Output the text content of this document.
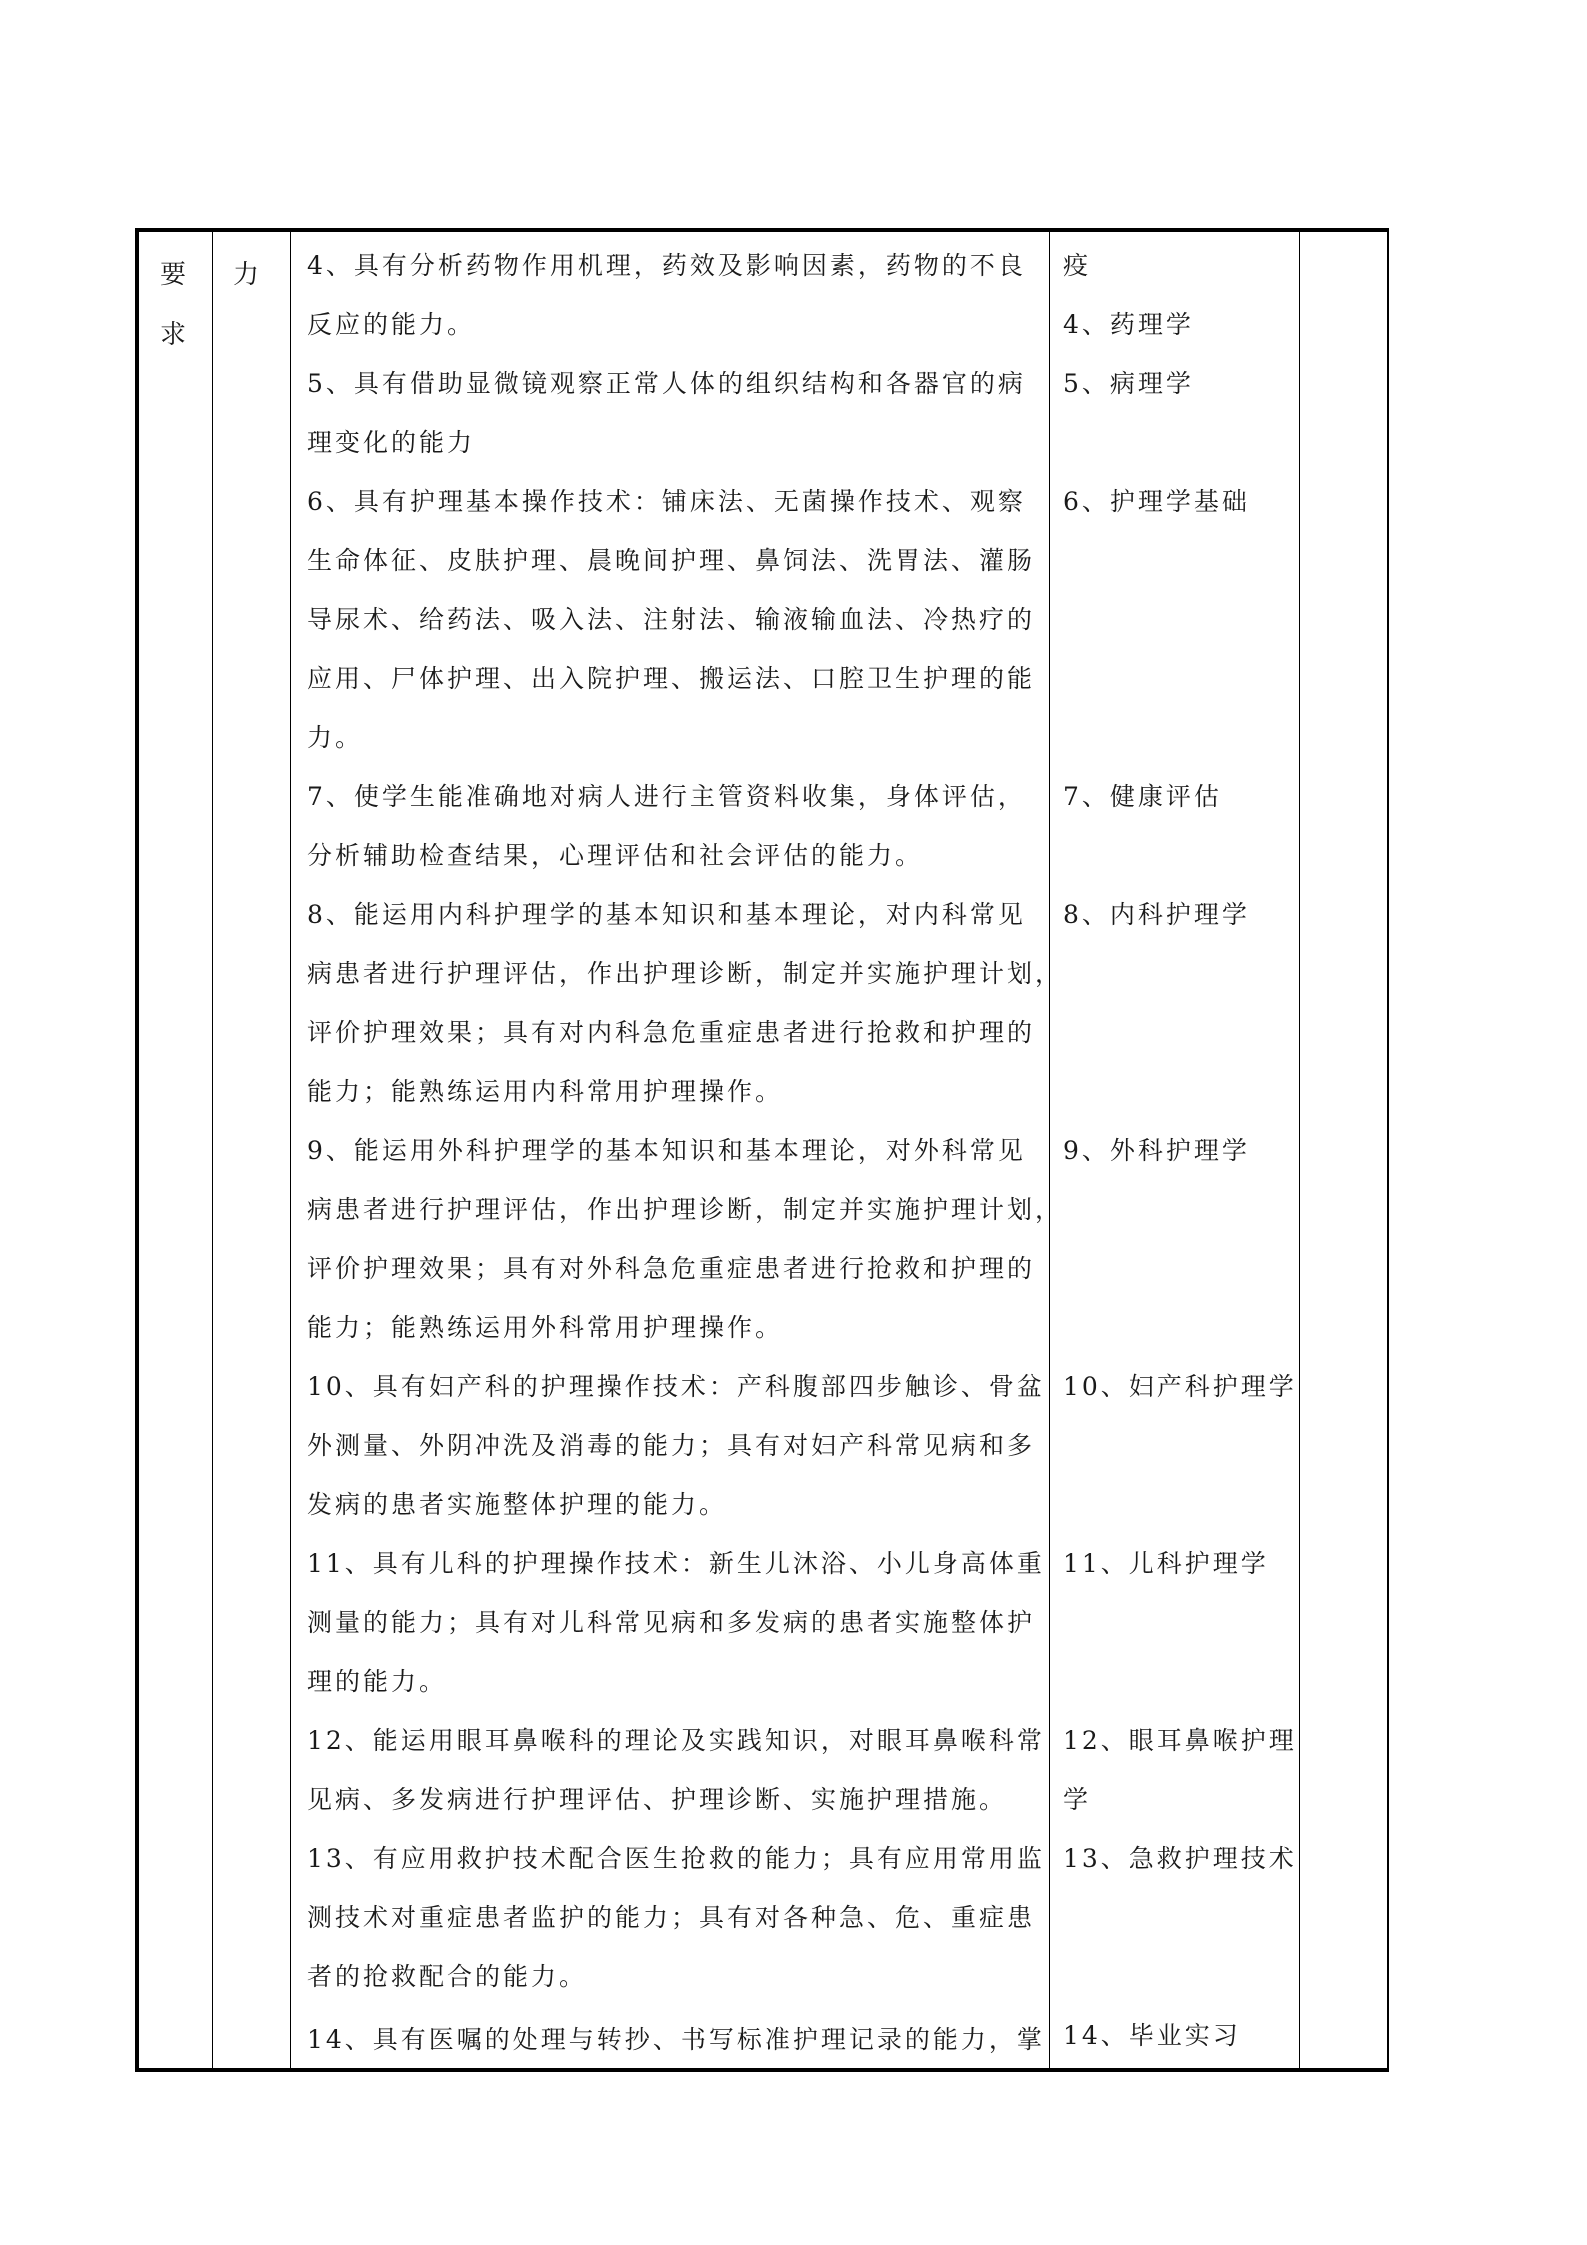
要
求
力 4、具有分析药物作用机理，药效及影响因素，药物的不良
反应的能力。
5、具有借助显微镜观察正常人体的组织结构和各器官的病
理变化的能力
6、具有护理基本操作技术：铺床法、无菌操作技术、观察
生命体征、皮肤护理、晨晚间护理、鼻饲法、洗胃法、灌肠
导尿术、给药法、吸入法、注射法、输液输血法、冷热疗的
应用、尸体护理、出入院护理、搬运法、口腔卫生护理的能
力。
7、使学生能准确地对病人进行主管资料收集，身体评估，
分析辅助检查结果，心理评估和社会评估的能力。
8、能运用内科护理学的基本知识和基本理论，对内科常见
病患者进行护理评估，作出护理诊断，制定并实施护理计划，
评价护理效果；具有对内科急危重症患者进行抢救和护理的
能力；能熟练运用内科常用护理操作。
9、能运用外科护理学的基本知识和基本理论，对外科常见
病患者进行护理评估，作出护理诊断，制定并实施护理计划，
评价护理效果；具有对外科急危重症患者进行抢救和护理的
能力；能熟练运用外科常用护理操作。
10、具有妇产科的护理操作技术：产科腹部四步触诊、骨盆
外测量、外阴冲洗及消毒的能力；具有对妇产科常见病和多
发病的患者实施整体护理的能力。
11、具有儿科的护理操作技术：新生儿沐浴、小儿身高体重
测量的能力；具有对儿科常见病和多发病的患者实施整体护
理的能力。
12、能运用眼耳鼻喉科的理论及实践知识，对眼耳鼻喉科常
见病、多发病进行护理评估、护理诊断、实施护理措施。
13、有应用救护技术配合医生抢救的能力；具有应用常用监
测技术对重症患者监护的能力；具有对各种急、危、重症患
者的抢救配合的能力。
14、具有医嘱的处理与转抄、书写标准护理记录的能力，掌
疫
4、药理学
5、病理学
6、护理学基础
7、健康评估
8、内科护理学
9、外科护理学
10、妇产科护理学
11、儿科护理学
12、眼耳鼻喉护理
学
13、急救护理技术
14、毕业实习
